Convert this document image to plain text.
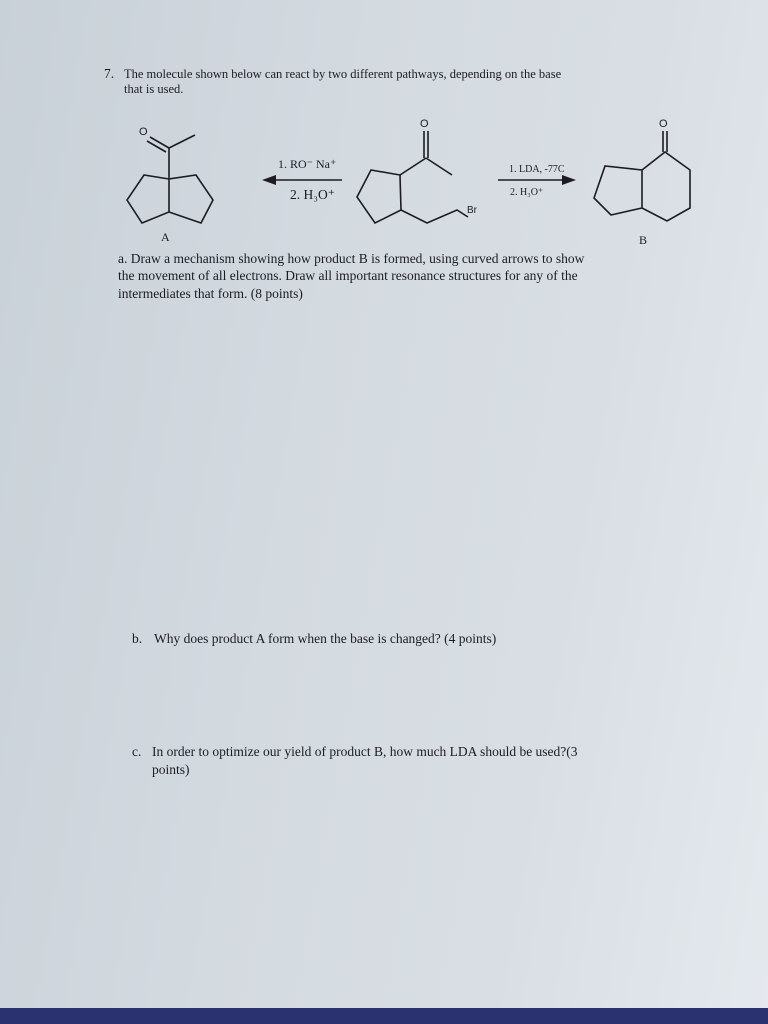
7. The molecule shown below can react by two different pathways, depending on the base
that is used.
O
O	O
Br
1. RO⁻ Na⁺
2. H₃O⁺
1. LDA, -77C
2. H₃O⁺
A	B
a. Draw a mechanism showing how product B is formed, using curved arrows to show
the movement of all electrons. Draw all important resonance structures for any of the
intermediates that form. (8 points)
b. Why does product A form when the base is changed? (4 points)
c. In order to optimize our yield of product B, how much LDA should be used?(3
points)
